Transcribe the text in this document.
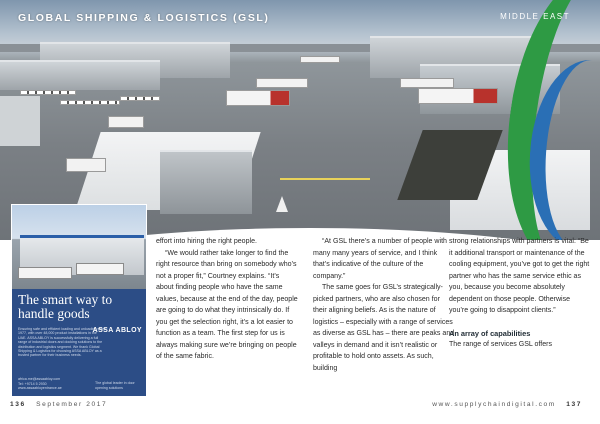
GLOBAL SHIPPING & LOGISTICS (GSL)	MIDDLE EAST
The smart way to handle goods
Ensuring safe and efficient loading and unloading since 1977, with over 48,000 product installations in the UAE. ASSA ABLOY is successfully delivering a full range of industrial doors and docking solutions to the distribution and logistics segment. We thank Global Shipping & Logistics for choosing ASSA ABLOY as a trusted partner for their business needs.
ASSA ABLOY
africa.me@assaabloy.com
Tel: +9714 5 2930
www.assaabloyentrance.ae
The global leader in door opening solutions

effort into hiring the right people.

“We would rather take longer to find the right resource than bring on somebody who’s not a proper fit,” Courtney explains. “It’s about finding people who have the same values, because at the end of the day, people are going to do what they intrinsically do. If you get the selection right, it’s a lot easier to function as a team. The first step for us is always making sure we’re bringing on people of the same fabric.

“At GSL there’s a number of people with many many years of service, and I think that’s indicative of the culture of the company.”

The same goes for GSL’s strategically-picked partners, who are also chosen for their aligning beliefs. As is the nature of logistics – especially with a range of services as diverse as GSL has – there are peaks and valleys in demand and it isn’t realistic or profitable to hold onto assets. As such, building

strong relationships with partners is vital: “Be it additional transport or maintenance of the cooling equipment, you’ve got to get the right partner who has the same service ethic as you, because you become absolutely dependent on those people. Otherwise you’re going to disappoint clients.”

An array of capabilities

The range of services GSL offers

136 September 2017	www.supplychaindigital.com 137
